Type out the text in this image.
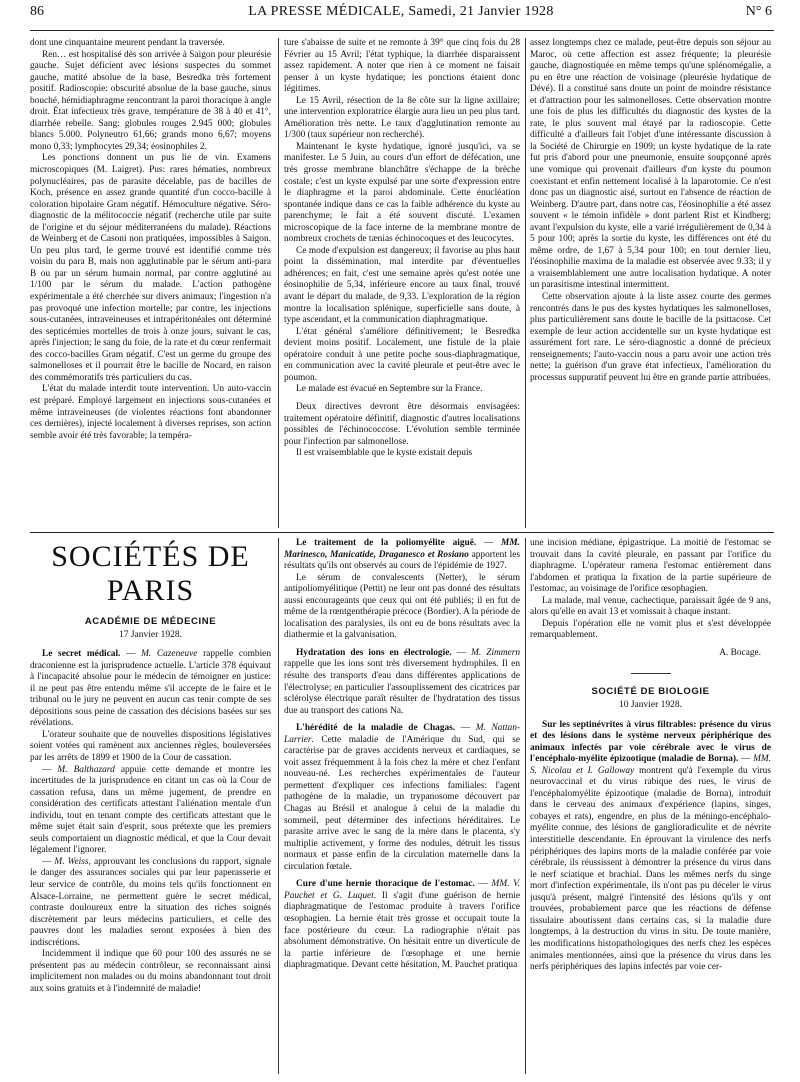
86	LA PRESSE MÉDICALE, Samedi, 21 Janvier 1928	N° 6

dont une cinquantaine meurent pendant la traversée.

Ren… est hospitalisé dès son arrivée à Saigon pour pleurésie gauche. Sujet déficient avec lésions suspectes du sommet gauche, matité absolue de la base, Besredka très fortement positif. Radioscopie: obscurité absolue de la base gauche, sinus bouché, hémidiaphragme rencontrant la paroi thoracique à angle droit. État infectieux très grave, température de 38 à 40 et 41°, diarrhée rebelle. Sang: globules rouges 2.945 000; globules blancs 5.000. Polyneutro 61,66; grands mono 6,67; moyens mono 0,33; lymphocytes 29,34; éosinophiles 2.

Les ponctions donnent un pus lie de vin. Examens microscopiques (M. Laigret). Pus: rares hématies, nombreux polynucléaires, pas de parasite décelable, pas de bacilles de Koch, présence en assez grande quantité d'un cocco-bacille à coloration bipolaire Gram négatif. Hémoculture négative. Séro-diagnostic de la mélitococcie négatif (recherche utile par suite de l'origine et du séjour méditerranéens du malade). Réactions de Weinberg et de Casoni non pratiquées, impossibles à Saigon. Un peu plus tard, le germe trouvé est identifié comme très voisin du para B, mais non agglutinable par le sérum anti-para B ou par un sérum humain normal, par contre agglutiné au 1/100 par le sérum du malade. L'action pathogène expérimentale a été cherchée sur divers animaux; l'ingestion n'a pas provoqué une infection mortelle; par contre, les injections sous-cutanées, intraveineuses et intrapéritonéales ont déterminé des septicémies mortelles de trois à onze jours, suivant le cas, après l'injection; le sang du foie, de la rate et du cœur renfermait des cocco-bacilles Gram négatif. C'est un germe du groupe des salmonelloses et il pourrait être le bacille de Nocard, en raison des commémoratifs très particuliers du cas.

L'état du malade interdit toute intervention. Un auto-vaccin est préparé. Employé largement en injections sous-cutanées et même intraveineuses (de violentes réactions font abandonner ces dernières), injecté localement à diverses reprises, son action semble avoir été très favorable; la tempéra-

ture s'abaisse de suite et ne remonte à 39° que cinq fois du 28 Février au 15 Avril; l'état typhique, la diarrhée disparaissent assez rapidement. A noter que rien à ce moment ne faisait penser à un kyste hydatique; les ponctions étaient donc légitimes.

Le 15 Avril, résection de la 8e côte sur la ligne axillaire; une intervention exploratrice élargie aura lieu un peu plus tard. Amélioration très nette. Le taux d'agglutination remonte au 1/300 (taux supérieur non recherché).

Maintenant le kyste hydatique, ignoré jusqu'ici, va se manifester. Le 5 Juin, au cours d'un effort de défécation, une très grosse membrane blanchâtre s'échappe de la brèche costale; c'est un kyste expulsé par une sorte d'expression entre le diaphragme et la paroi abdominale. Cette énucléation spontanée indique dans ce cas la faible adhérence du kyste au parenchyme; le fait a été souvent discuté. L'examen microscopique de la face interne de la membrane montre de nombreux crochets de tænias échinocoques et des leucocytes.

Ce mode d'expulsion est dangereux; il favorise au plus haut point la dissémination, mal interdite par d'éventuelles adhérences; en fait, c'est une semaine après qu'est notée une éosinophilie de 5,34, inférieure encore au taux final, trouvé avant le départ du malade, de 9,33. L'exploration de la région montre la localisation splénique, superficielle sans doute, à type ascendant, et la communication diaphragmatique.

L'état général s'améliore définitivement; le Besredka devient moins positif. Localement, une fistule de la plaie opératoire conduit à une petite poche sous-diaphragmatique, en communication avec la cavité pleurale et peut-être avec le poumon.

Le malade est évacué en Septembre sur la France.

Deux directives devront être désormais envisagées: traitement opératoire définitif, diagnostic d'autres localisations possibles de l'échinococcose. L'évolution semble terminée pour l'infection par salmonellose.

Il est vraisemblable que le kyste existait depuis

assez longtemps chez ce malade, peut-être depuis son séjour au Maroc, où cette affection est assez fréquente; la pleurésie gauche, diagnostiquée en même temps qu'une splénomégalie, a pu en être une réaction de voisinage (pleurésie hydatique de Dévé). Il a constitué sans doute un point de moindre résistance et d'attraction pour les salmonelloses. Cette observation montre une fois de plus les difficultés du diagnostic des kystes de la rate, le plus souvent mal étayé par la radioscopie. Cette difficulté a d'ailleurs fait l'objet d'une intéressante discussion à la Société de Chirurgie en 1909; un kyste hydatique de la rate fut pris d'abord pour une pneumonie, ensuite soupçonné après une vomique qui provenait d'ailleurs d'un kyste du poumon coexistant et enfin nettement localisé à la laparotomie. Ce n'est donc pas un diagnostic aisé, surtout en l'absence de réaction de Weinberg. D'autre part, dans notre cas, l'éosinophilie a été assez souvent « le témoin infidèle » dont parlent Rist et Kindberg; avant l'expulsion du kyste, elle a varié irrégulièrement de 0,34 à 5 pour 100; après la sortie du kyste, les différences ont été du même ordre, de 1,67 à 5,34 pour 100; en tout dernier lieu, l'éosinophilie maxima de la maladie est observée avec 9.33; il y a vraisemblablement une autre localisation hydatique. A noter un parasitisme intestinal intermittent.

Cette observation ajoute à la liste assez courte des germes rencontrés dans le pus des kystes hydatiques les salmonelloses, plus particulièrement sans doute le bacille de la psittacose. Cet exemple de leur action accidentelle sur un kyste hydatique est assurément fort rare. Le séro-diagnostic a donné de précieux renseignements; l'auto-vaccin nous a paru avoir une action très nette; la guérison d'un grave état infectieux, l'amélioration du processus suppuratif peuvent lui être en grande partie attribuées.

SOCIÉTÉS DE PARIS
ACADÉMIE DE MÉDECINE
17 Janvier 1928.

Le secret médical. — M. Cazeneuve rappelle combien draconienne est la jurisprudence actuelle. L'article 378 équivaut à l'incapacité absolue pour le médecin de témoigner en justice: il ne peut pas être entendu même s'il accepte de le faire et le tribunal ou le jury ne peuvent en aucun cas tenir compte de ses dépositions sous peine de cassation des décisions basées sur ses révélations.

L'orateur souhaite que de nouvelles dispositions législatives soient votées qui ramènent aux anciennes règles, bouleversées par les arrêts de 1899 et 1900 de la Cour de cassation.

— M. Balthazard appuie cette demande et montre les incertitudes de la jurisprudence en citant un cas où la Cour de cassation refusa, dans un même jugement, de prendre en considération des certificats attestant l'aliénation mentale d'un individu, tout en tenant compte des certificats attestant que le même sujet était sain d'esprit, sous prétexte que les premiers seuls comportaient un diagnostic médical, et que la Cour devait légalement l'ignorer.

— M. Weiss, approuvant les conclusions du rapport, signale le danger des assurances sociales qui par leur paperasserie et leur service de contrôle, du moins tels qu'ils fonctionnent en Alsace-Lorraine, ne permettent guère le secret médical, contraste douloureux entre la situation des riches soignés discrètement par leurs médecins particuliers, et celle des pauvres dont les maladies seront exposées à bien des indiscrétions.

Incidemment il indique que 60 pour 100 des assurés ne se présentent pas au médecin contrôleur, se reconnaissant ainsi implicitement non malades ou du moins abandonnant tout droit aux soins gratuits et à l'indemnité de maladie!

Le traitement de la poliomyélite aiguë. — MM. Marinesco, Manicatide, Draganesco et Rosiano apportent les résultats qu'ils ont observés au cours de l'épidémie de 1927.

Le sérum de convalescents (Netter), le sérum antipoliomyélitique (Pettit) ne leur ont pas donné des résultats aussi encourageants que ceux qui ont été publiés; il en fut de même de la rœntgenthérapie précoce (Bordier). A la période de localisation des paralysies, ils ont eu de bons résultats avec la diathermie et la galvanisation.

Hydratation des ions en électrologie. — M. Zimmern rappelle que les ions sont très diversement hydrophiles. Il en résulte des transports d'eau dans différentes applications de l'électrolyse; en particulier l'assouplissement des cicatrices par sclérolyse électrique paraît résulter de l'hydratation des tissus due au transport des cations Na.

L'hérédité de la maladie de Chagas. — M. Nattan-Larrier. Cette maladie de l'Amérique du Sud, qui se caractérise par de graves accidents nerveux et cardiaques, se voit assez fréquemment à la fois chez la mère et chez l'enfant nouveau-né. Les recherches expérimentales de l'auteur permettent d'expliquer ces infections familiales: l'agent pathogène de la maladie, un trypanosome découvert par Chagas au Brésil et analogue à celui de la maladie du sommeil, peut déterminer des infections héréditaires. Le parasite arrive avec le sang de la mère dans le placenta, s'y multiplie activement, y forme des nodules, détruit les tissus normaux et passe enfin de la circulation maternelle dans la circulation fœtale.

Cure d'une hernie thoracique de l'estomac. — MM. V. Pauchet et G. Luquet. Il s'agit d'une guérison de hernie diaphragmatique de l'estomac produite à travers l'orifice œsophagien. La hernie était très grosse et occupait toute la face postérieure du cœur. La radiographie n'était pas absolument démonstrative. On hésitait entre un diverticule de la partie inférieure de l'œsophage et une hernie diaphragmatique. Devant cette hésitation, M. Pauchet pratiqua

une incision médiane, épigastrique. La moitié de l'estomac se trouvait dans la cavité pleurale, en passant par l'orifice du diaphragme. L'opérateur ramena l'estomac entièrement dans l'abdomen et pratiqua la fixation de la partie supérieure de l'estomac, au voisinage de l'orifice œsophagien.

La malade, mal venue, cachectique, paraissait âgée de 9 ans, alors qu'elle en avait 13 et vomissait à chaque instant.

Depuis l'opération elle ne vomit plus et s'est développée remarquablement.

A. Bocage.
SOCIÉTÉ DE BIOLOGIE
10 Janvier 1928.

Sur les septinévrites à virus filtrables: présence du virus et des lésions dans le système nerveux périphérique des animaux infectés par voie cérébrale avec le virus de l'encéphalo-myélite épizootique (maladie de Borna). — MM. S. Nicolau et I. Galloway montrent qu'à l'exemple du virus neurovaccinal et du virus rabique des rues, le virus de l'encéphalomyélite épizootique (maladie de Borna), introduit dans le cerveau des animaux d'expérience (lapins, singes, cobayes et rats), engendre, en plus de la méningo-encéphalo-myélite connue, des lésions de ganglioradiculite et de névrite interstitielle descendante. En éprouvant la virulence des nerfs périphériques des lapins morts de la maladie conférée par voie cérébrale, ils réussissent à démontrer la présence du virus dans le nerf sciatique et brachial. Dans les mêmes nerfs du singe mort d'infection expérimentale, ils n'ont pas pu déceler le virus jusqu'à présent, malgré l'intensité des lésions qu'ils y ont trouvées, probablement parce que les réactions de défense tissulaire aboutissent dans certains cas, si la maladie dure longtemps, à la destruction du virus in situ. De toute manière, les modifications histopathologiques des nerfs chez les espèces animales mentionnées, ainsi que la présence du virus dans les nerfs périphériques des lapins infectés par voie cer-
